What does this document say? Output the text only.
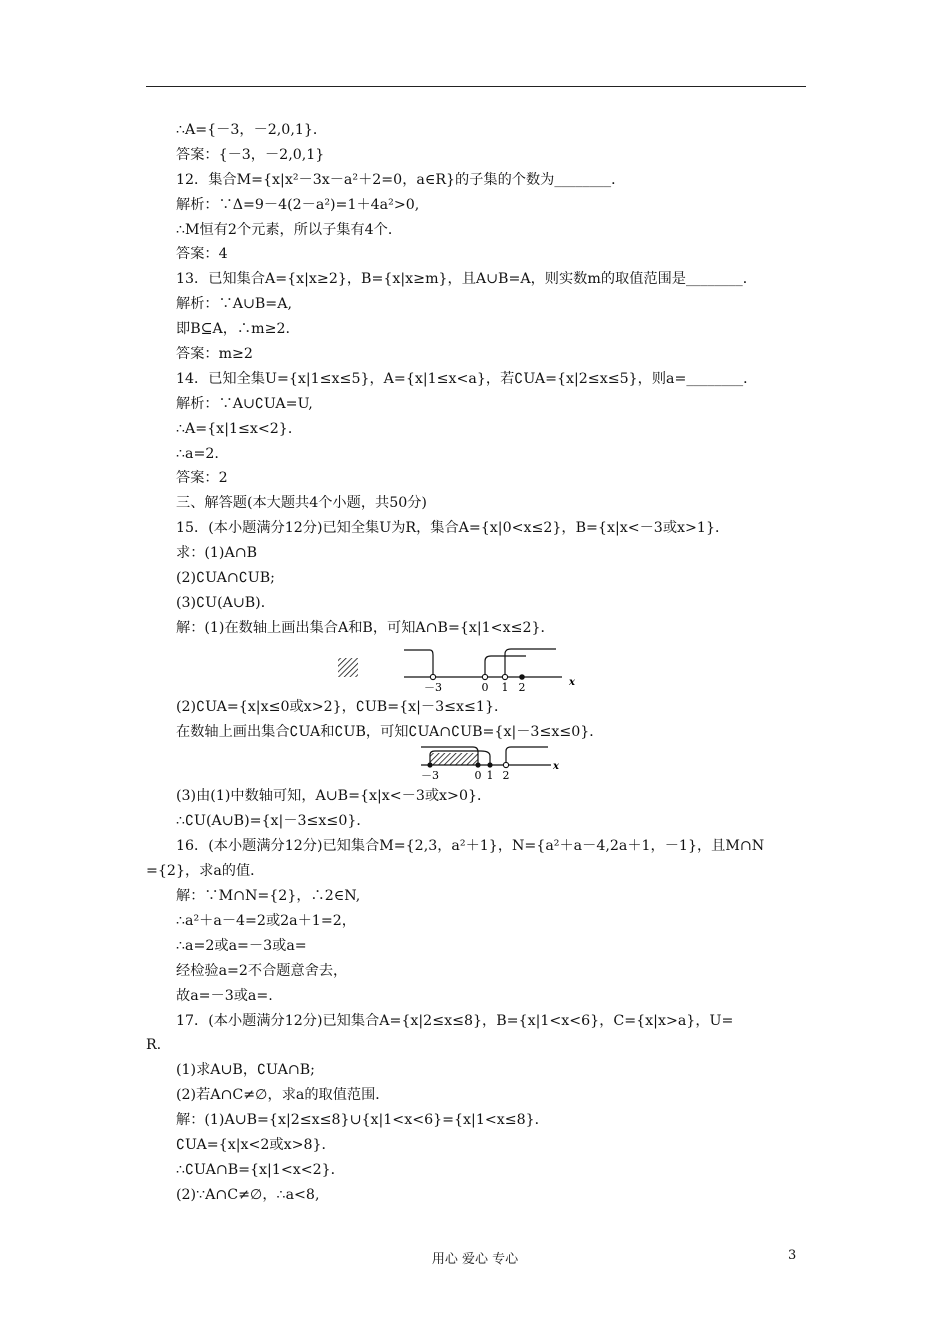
∴A={－3，－2,0,1}．
答案：{－3，－2,0,1}
12．集合M={x|x²－3x－a²＋2=0，a∈R}的子集的个数为________．
解析：∵Δ=9－4(2－a²)=1＋4a²>0,
∴M恒有2个元素，所以子集有4个．
答案：4
13．已知集合A={x|x≥2}，B={x|x≥m}，且A∪B=A，则实数m的取值范围是________．
解析：∵A∪B=A,
即B⊆A，∴m≥2.
答案：m≥2
14．已知全集U={x|1≤x≤5}，A={x|1≤x<a}，若∁UA={x|2≤x≤5}，则a=________．
解析：∵A∪∁UA=U,
∴A={x|1≤x<2}．
∴a=2.
答案：2
三、解答题(本大题共4个小题，共50分)
15．(本小题满分12分)已知全集U为R，集合A={x|0<x≤2}，B={x|x<－3或x>1}．
求：(1)A∩B
(2)∁UA∩∁UB;
(3)∁U(A∪B)．
解：(1)在数轴上画出集合A和B，可知A∩B={x|1<x≤2}．
－3	0 1 2	x
(2)∁UA={x|x≤0或x>2}，∁UB={x|－3≤x≤1}．
在数轴上画出集合∁UA和∁UB，可知∁UA∩∁UB={x|－3≤x≤0}．
－3	0 1 2
x
(3)由(1)中数轴可知，A∪B={x|x<－3或x>0}．
∴∁U(A∪B)={x|－3≤x≤0}．
16．(本小题满分12分)已知集合M={2,3，a²＋1}，N={a²＋a－4,2a＋1，－1}，且M∩N
={2}，求a的值．
解：∵M∩N={2}，∴2∈N,
∴a²＋a－4=2或2a＋1=2，
∴a=2或a=－3或a=
经检验a=2不合题意舍去，
故a=－3或a=.
17．(本小题满分12分)已知集合A={x|2≤x≤8}，B={x|1<x<6}，C={x|x>a}，U=
R.
(1)求A∪B，∁UA∩B;
(2)若A∩C≠∅，求a的取值范围．
解：(1)A∪B={x|2≤x≤8}∪{x|1<x<6}={x|1<x≤8}．
∁UA={x|x<2或x>8}．
∴∁UA∩B={x|1<x<2}．
(2)∵A∩C≠∅，∴a<8,
用心 爱心 专心	3
